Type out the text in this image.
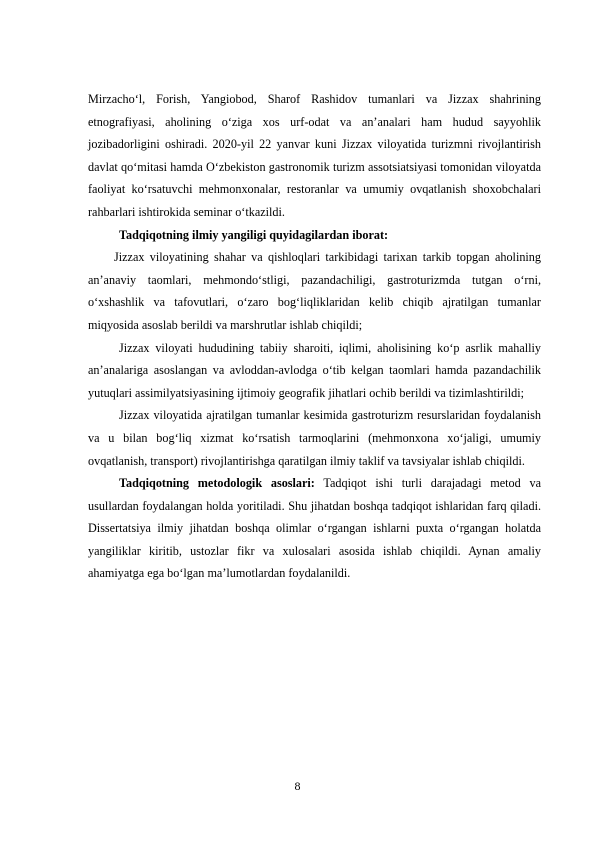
Mirzacho‘l, Forish, Yangiobod, Sharof Rashidov tumanlari va Jizzax shahrining etnografiyasi, aholining o‘ziga xos urf-odat va an’analari ham hudud sayyohlik jozibadorligini oshiradi. 2020-yil 22 yanvar kuni Jizzax viloyatida turizmni rivojlantirish davlat qo‘mitasi hamda O‘zbekiston gastronomik turizm assotsiatsiyasi tomonidan viloyatda faoliyat ko‘rsatuvchi mehmonxonalar, restoranlar va umumiy ovqatlanish shoxobchalari rahbarlari ishtirokida seminar o‘tkazildi.

Tadqiqotning ilmiy yangiligi quyidagilardan iborat:

Jizzax viloyatining shahar va qishloqlari tarkibidagi tarixan tarkib topgan aholining an’anaviy taomlari, mehmondo‘stligi, pazandachiligi, gastroturizmda tutgan o‘rni, o‘xshashlik va tafovutlari, o‘zaro bog‘liqliklaridan kelib chiqib ajratilgan tumanlar miqyosida asoslab berildi va marshrutlar ishlab chiqildi;

Jizzax viloyati hududining tabiiy sharoiti, iqlimi, aholisining ko‘p asrlik mahalliy an’analariga asoslangan va avloddan-avlodga o‘tib kelgan taomlari hamda pazandachilik yutuqlari assimilyatsiyasining ijtimoiy geografik jihatlari ochib berildi va tizimlashtirildi;

Jizzax viloyatida ajratilgan tumanlar kesimida gastroturizm resurslaridan foydalanish va u bilan bog‘liq xizmat ko‘rsatish tarmoqlarini (mehmonxona xo‘jaligi, umumiy ovqatlanish, transport) rivojlantirishga qaratilgan ilmiy taklif va tavsiyalar ishlab chiqildi.

Tadqiqotning metodologik asoslari: Tadqiqot ishi turli darajadagi metod va usullardan foydalangan holda yoritiladi. Shu jihatdan boshqa tadqiqot ishlaridan farq qiladi. Dissertatsiya ilmiy jihatdan boshqa olimlar o‘rgangan ishlarni puxta o‘rgangan holatda yangiliklar kiritib, ustozlar fikr va xulosalari asosida ishlab chiqildi. Aynan amaliy ahamiyatga ega bo‘lgan ma’lumotlardan foydalanildi.

8
